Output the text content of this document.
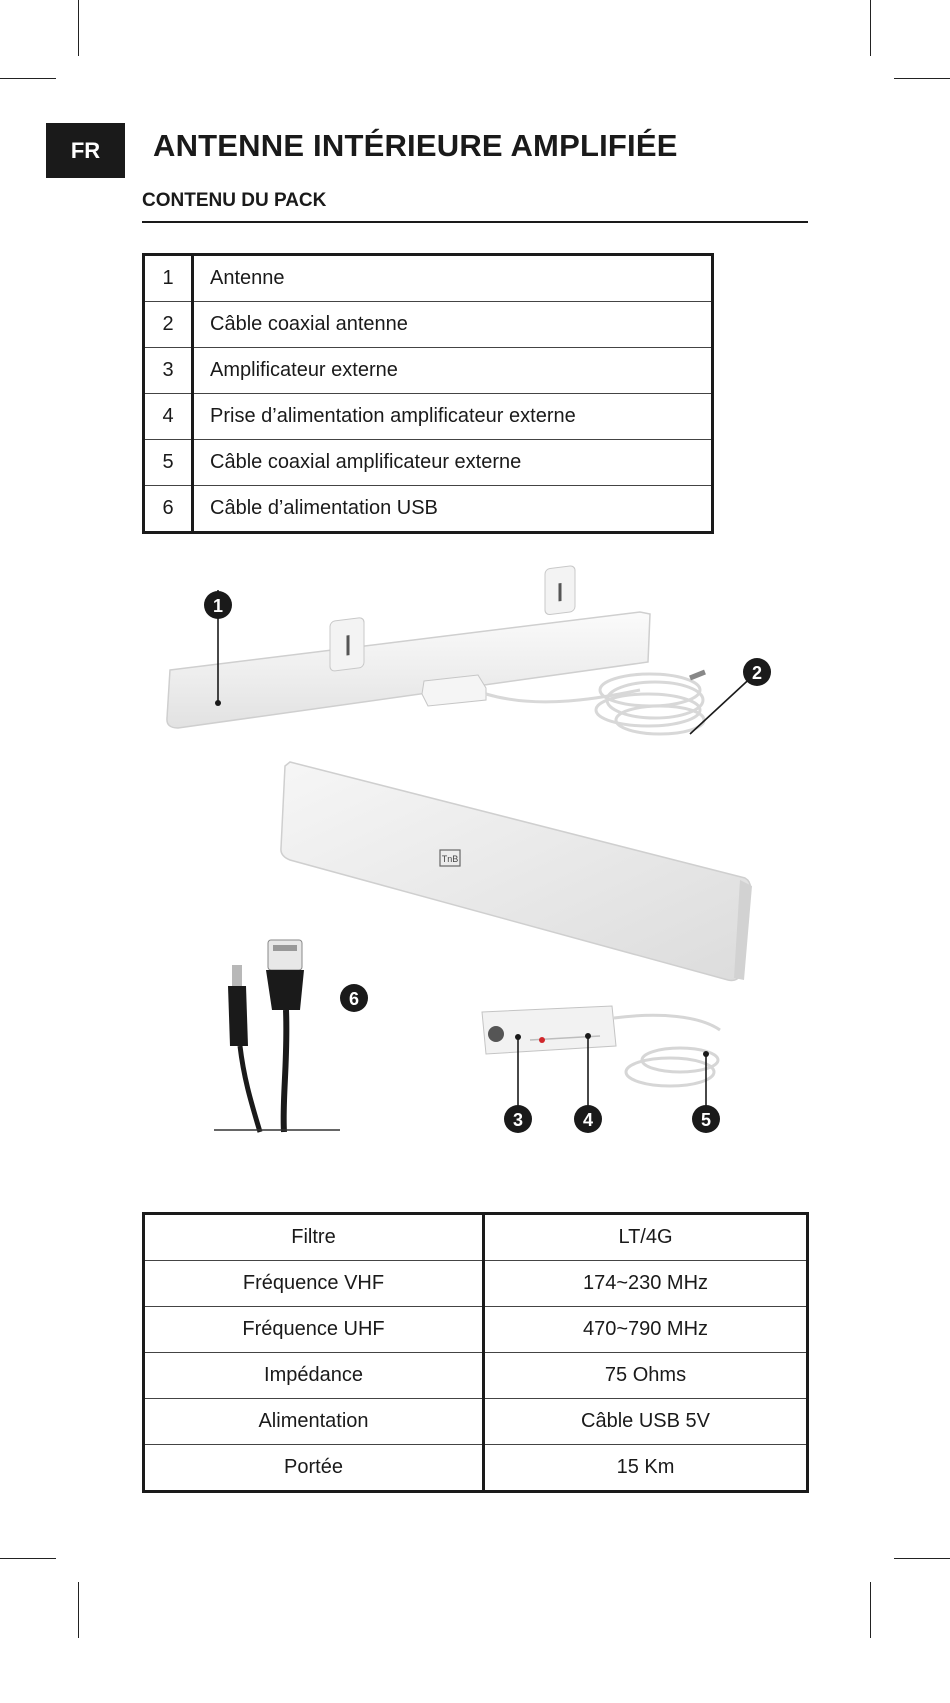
FR	ANTENNE INTÉRIEURE AMPLIFIÉE
CONTENU DU PACK
1	Antenne
2	Câble coaxial antenne
3	Amplificateur externe
4	Prise d’alimentation amplificateur externe
5	Câble coaxial amplificateur externe
6	Câble d’alimentation USB
TnB
1
2
3	4	5
6
Filtre	LT/4G
Fréquence VHF	174~230 MHz
Fréquence UHF	470~790 MHz
Impédance	75 Ohms
Alimentation	Câble USB 5V
Portée	15 Km
